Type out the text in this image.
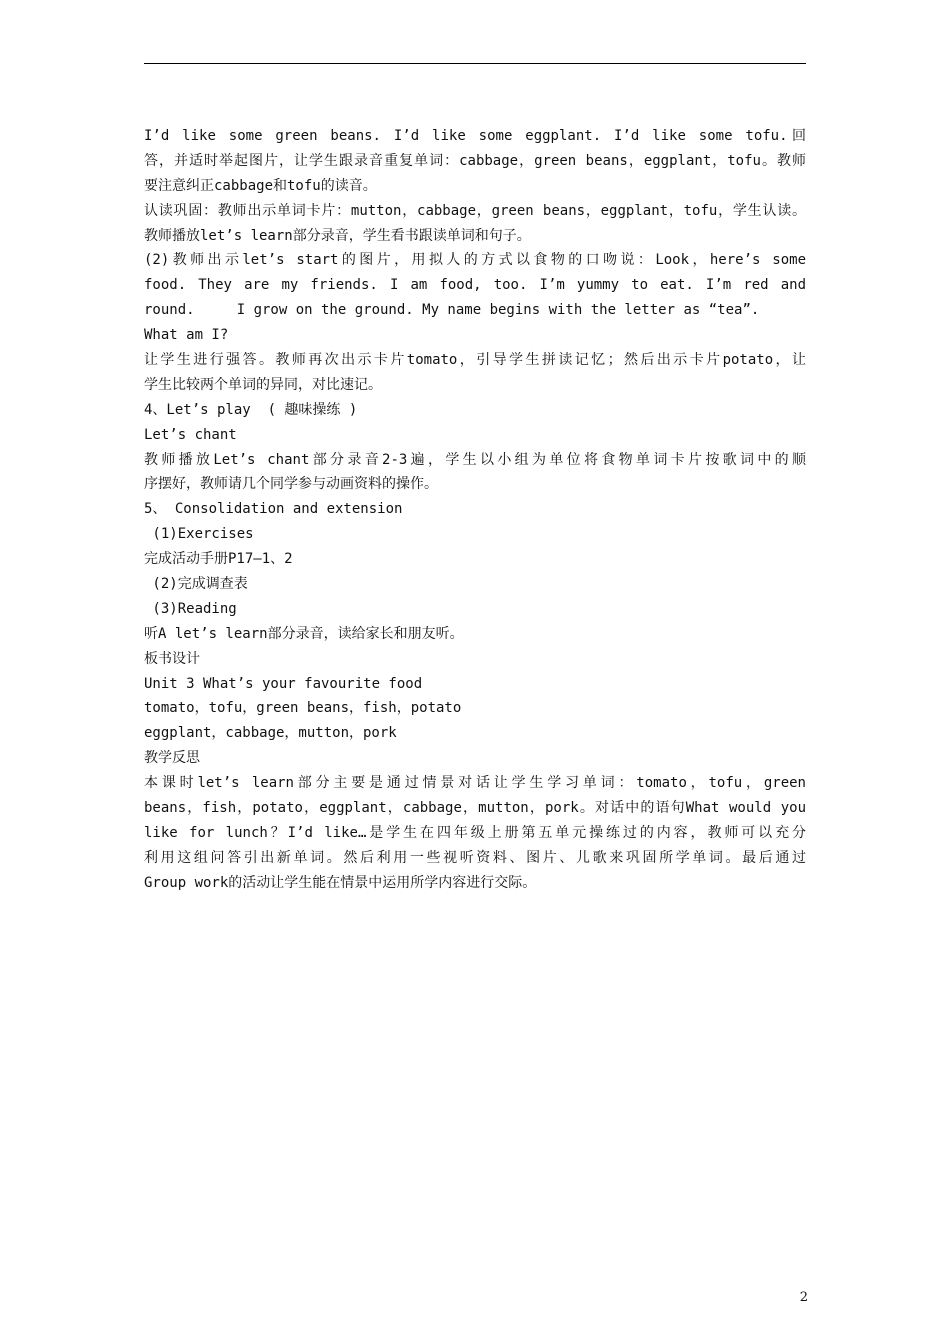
I’d like some green beans. I’d like some eggplant. I’d like some tofu.回
答，并适时举起图片，让学生跟录音重复单词：cabbage，green beans，eggplant，tofu。教师
要注意纠正cabbage和tofu的读音。
认读巩固：教师出示单词卡片：mutton，cabbage，green beans，eggplant，tofu，学生认读。
教师播放let’s learn部分录音，学生看书跟读单词和句子。
(2)教师出示let’s start的图片，用拟人的方式以食物的口吻说：Look，here’s some
food. They are my friends. I am food, too. I’m yummy to eat. I’m red and
round.     I grow on the ground. My name begins with the letter as “tea”.
What am I?
让学生进行强答。教师再次出示卡片tomato，引导学生拼读记忆；然后出示卡片potato，让
学生比较两个单词的异同，对比速记。
4、Let’s play  ( 趣味操练 )
Let’s chant
教师播放Let’s chant部分录音2-3遍，学生以小组为单位将食物单词卡片按歌词中的顺
序摆好，教师请几个同学参与动画资料的操作。
5、 Consolidation and extension
(1)Exercises
完成活动手册P17—1、2
(2)完成调查表
(3)Reading
听A let’s learn部分录音，读给家长和朋友听。
板书设计
Unit 3 What’s your favourite food
tomato，tofu，green beans，fish，potato
eggplant，cabbage，mutton，pork
教学反思
本课时let’s learn部分主要是通过情景对话让学生学习单词：tomato，tofu，green
beans，fish，potato，eggplant，cabbage，mutton，pork。对话中的语句What would you
like for lunch？I’d like…是学生在四年级上册第五单元操练过的内容，教师可以充分
利用这组问答引出新单词。然后利用一些视听资料、图片、儿歌来巩固所学单词。最后通过
Group work的活动让学生能在情景中运用所学内容进行交际。
2
